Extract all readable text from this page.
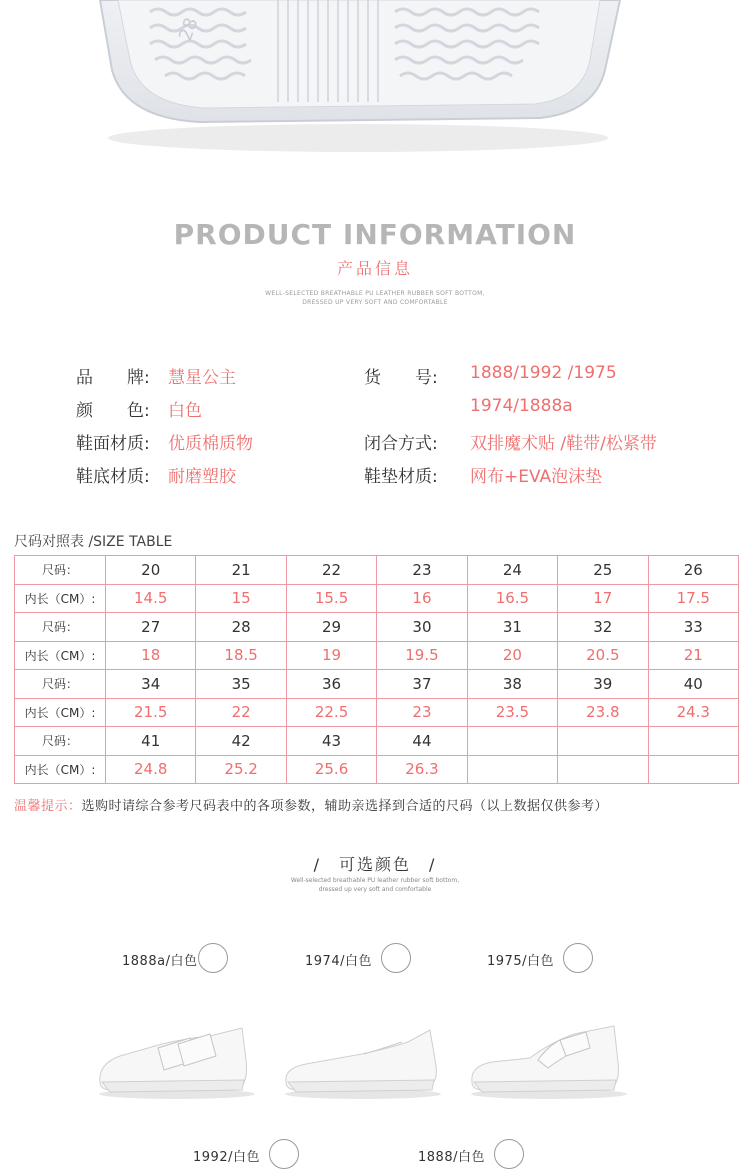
28
PRODUCT INFORMATION
产品信息
WELL-SELECTED BREATHABLE PU LEATHER RUBBER SOFT BOTTOM,
DRESSED UP VERY SOFT AND COMFORTABLE
品　　牌: 慧星公主
颜　　色: 白色
鞋面材质: 优质棉质物
鞋底材质: 耐磨塑胶
货　　号: 1888/1992 /1975
1974/1888a
闭合方式: 双排魔术贴 /鞋带/松紧带
鞋垫材质: 网布+EVA泡沫垫
尺码对照表 /SIZE TABLE
尺码：	20	21	22	23	24	25	26
内长（CM）:	14.5	15	15.5	16	16.5	17	17.5
尺码：	27	28	29	30	31	32	33
内长（CM）:	18	18.5	19	19.5	20	20.5	21
尺码：	34	35	36	37	38	39	40
内长（CM）:	21.5	22	22.5	23	23.5	23.8	24.3
尺码：	41	42	43	44			
内长（CM）:	24.8	25.2	25.6	26.3			
温馨提示：选购时请综合参考尺码表中的各项参数，辅助亲选择到合适的尺码（以上数据仅供参考）
/　可选颜色　/
Well-selected breathable PU leather rubber soft bottom,
dressed up very soft and comfortable
1888a/白色	1974/白色	1975/白色
1992/白色	1888/白色
